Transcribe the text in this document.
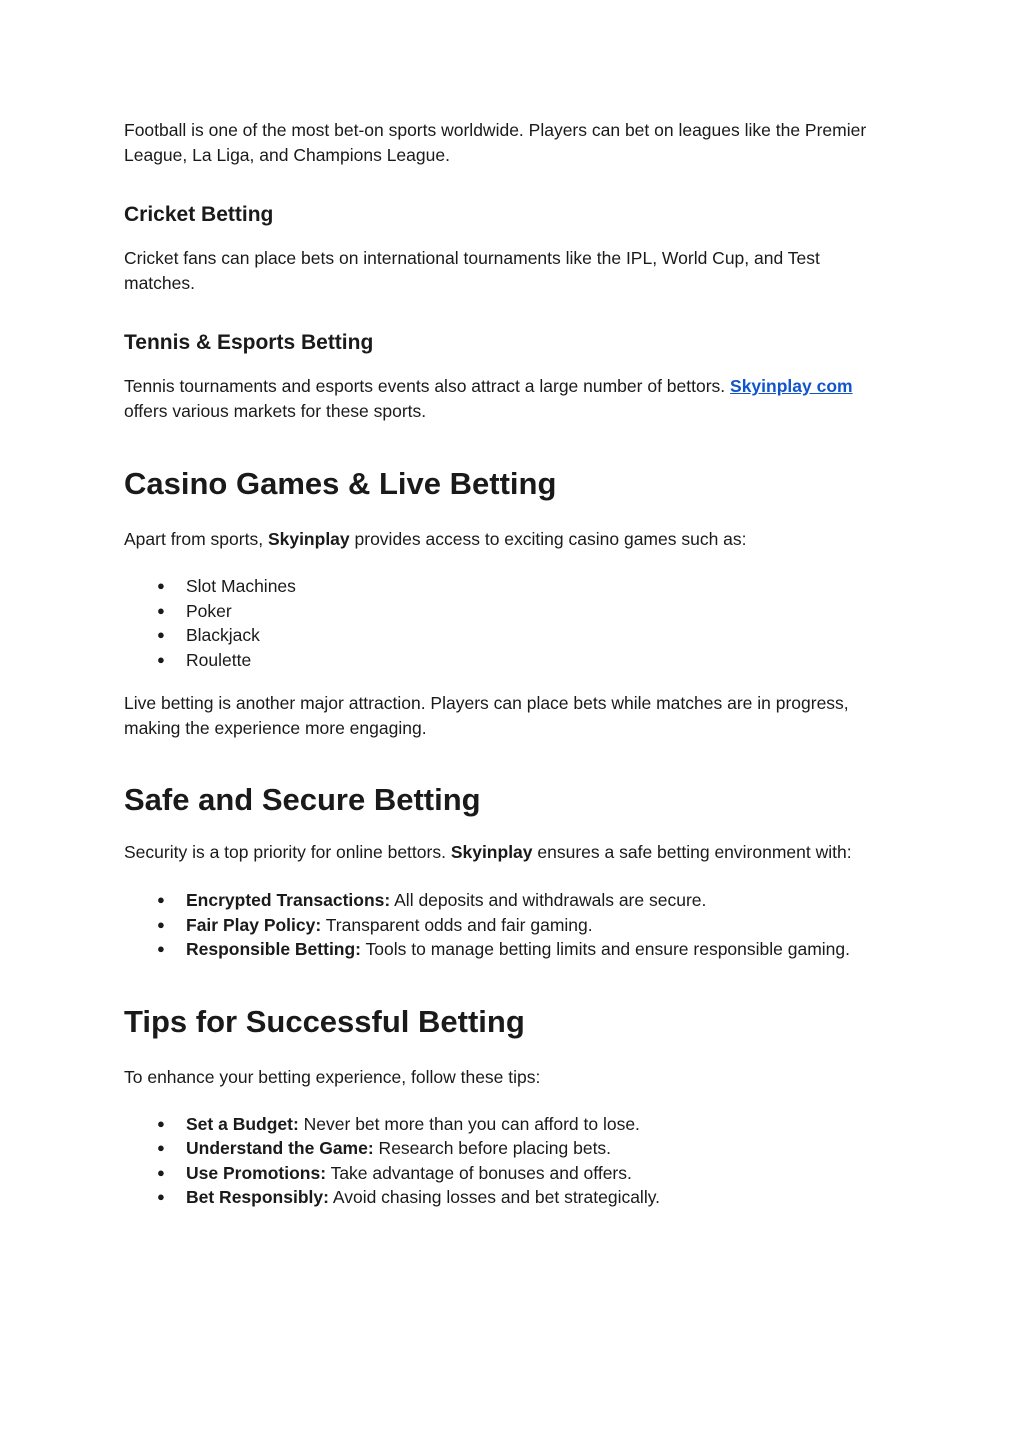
Football is one of the most bet-on sports worldwide. Players can bet on leagues like the Premier League, La Liga, and Champions League.

Cricket Betting

Cricket fans can place bets on international tournaments like the IPL, World Cup, and Test matches.

Tennis & Esports Betting

Tennis tournaments and esports events also attract a large number of bettors. Skyinplay com offers various markets for these sports.

Casino Games & Live Betting

Apart from sports, Skyinplay provides access to exciting casino games such as:

● Slot Machines
● Poker
● Blackjack
● Roulette

Live betting is another major attraction. Players can place bets while matches are in progress, making the experience more engaging.

Safe and Secure Betting

Security is a top priority for online bettors. Skyinplay ensures a safe betting environment with:

● Encrypted Transactions: All deposits and withdrawals are secure.
● Fair Play Policy: Transparent odds and fair gaming.
● Responsible Betting: Tools to manage betting limits and ensure responsible gaming.
Tips for Successful Betting

To enhance your betting experience, follow these tips:

● Set a Budget: Never bet more than you can afford to lose.
● Understand the Game: Research before placing bets.
● Use Promotions: Take advantage of bonuses and offers.
● Bet Responsibly: Avoid chasing losses and bet strategically.
